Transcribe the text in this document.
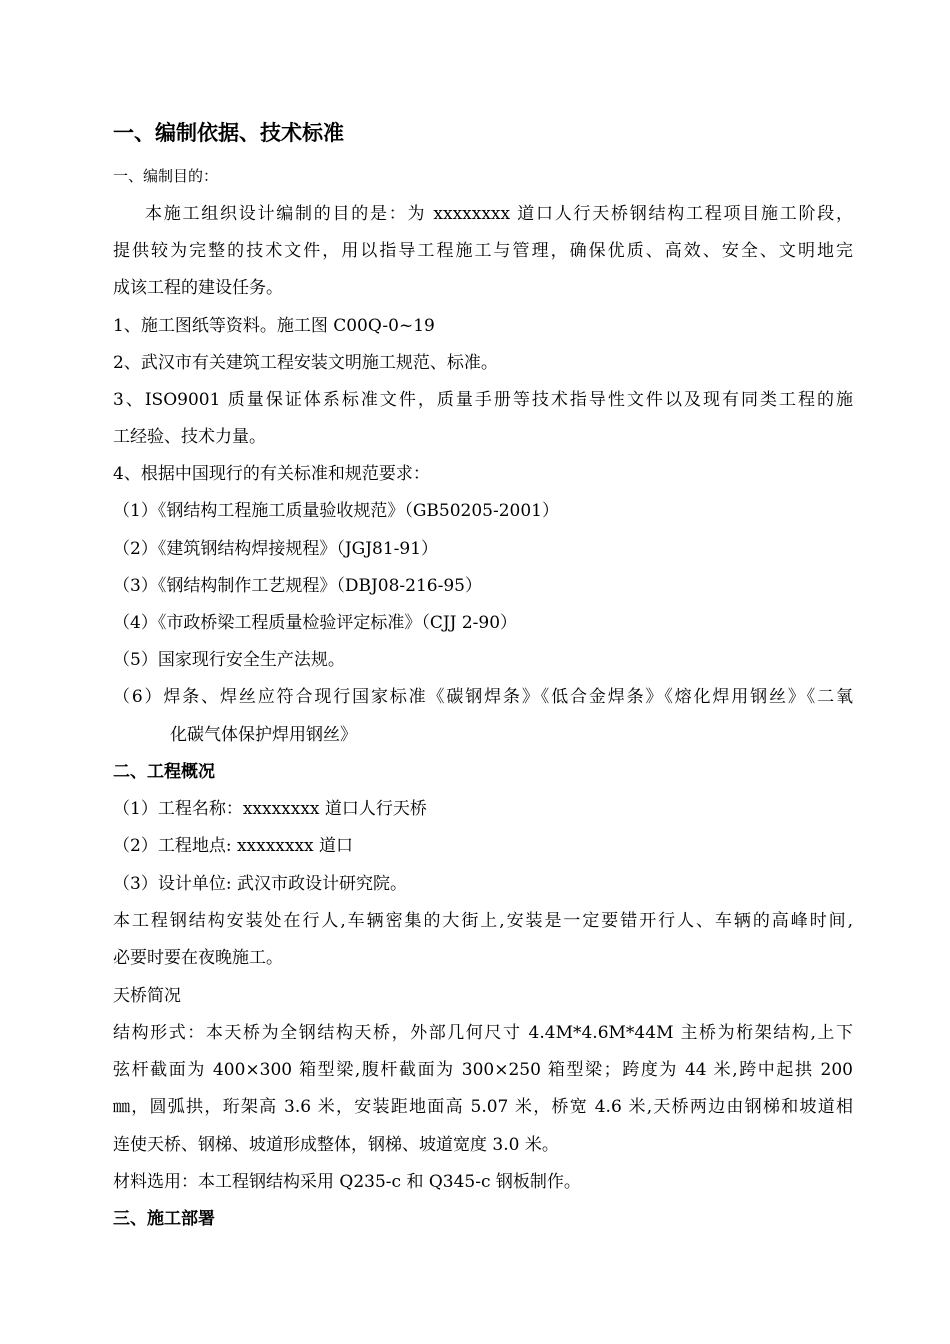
一、编制依据、技术标准
一、编制目的：
本施工组织设计编制的目的是：为 xxxxxxxx 道口人行天桥钢结构工程项目施工阶段，
提供较为完整的技术文件，用以指导工程施工与管理，确保优质、高效、安全、文明地完
成该工程的建设任务。
1、施工图纸等资料。施工图 C00Q-0~19
2、武汉市有关建筑工程安装文明施工规范、标准。
3、ISO9001 质量保证体系标准文件，质量手册等技术指导性文件以及现有同类工程的施
工经验、技术力量。
4、根据中国现行的有关标准和规范要求：
（1）《钢结构工程施工质量验收规范》（GB50205-2001）
（2）《建筑钢结构焊接规程》（JGJ81-91）
（3）《钢结构制作工艺规程》（DBJ08-216-95）
（4）《市政桥梁工程质量检验评定标准》（CJJ 2-90）
（5）国家现行安全生产法规。
（6）焊条、焊丝应符合现行国家标准《碳钢焊条》《低合金焊条》《熔化焊用钢丝》《二氧
化碳气体保护焊用钢丝》
二、工程概况
（1）工程名称：xxxxxxxx 道口人行天桥
（2）工程地点: xxxxxxxx 道口
（3）设计单位: 武汉市政设计研究院。
本工程钢结构安装处在行人,车辆密集的大街上,安装是一定要错开行人、车辆的高峰时间,
必要时要在夜晚施工。
天桥简况
结构形式：本天桥为全钢结构天桥，外部几何尺寸 4.4M*4.6M*44M 主桥为桁架结构,上下
弦杆截面为 400×300 箱型梁,腹杆截面为 300×250 箱型梁；跨度为 44 米,跨中起拱 200
㎜，圆弧拱，珩架高 3.6 米，安装距地面高 5.07 米，桥宽 4.6 米,天桥两边由钢梯和坡道相
连使天桥、钢梯、坡道形成整体，钢梯、坡道宽度 3.0 米。
材料选用：本工程钢结构采用 Q235-c 和 Q345-c 钢板制作。
三、施工部署
